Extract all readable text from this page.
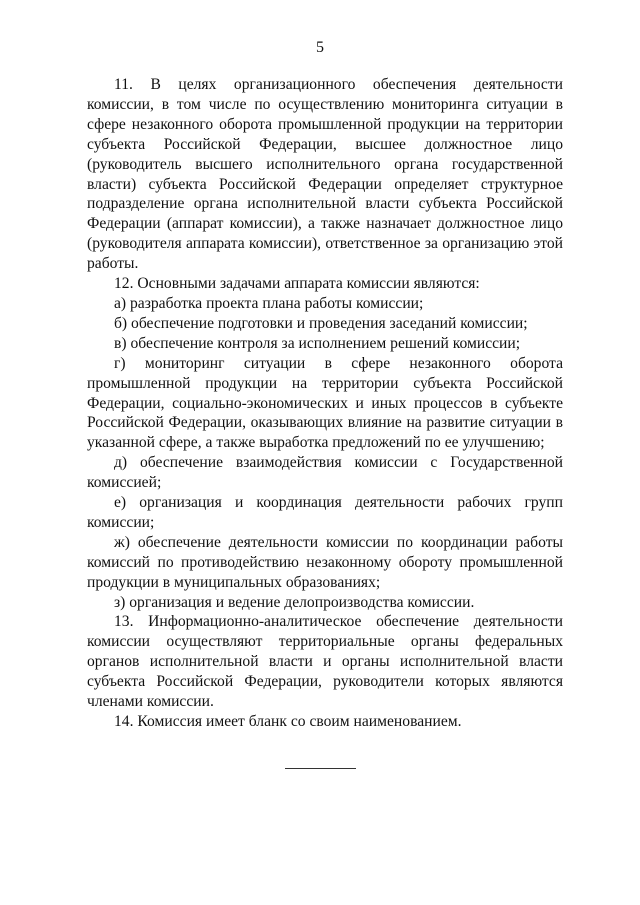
5

11. В целях организационного обеспечения деятельности комиссии, в том числе по осуществлению мониторинга ситуации в сфере незаконного оборота промышленной продукции на территории субъекта Российской Федерации, высшее должностное лицо (руководитель высшего исполнительного органа государственной власти) субъекта Российской Федерации определяет структурное подразделение органа исполнительной власти субъекта Российской Федерации (аппарат комиссии), а также назначает должностное лицо (руководителя аппарата комиссии), ответственное за организацию этой работы.

12. Основными задачами аппарата комиссии являются:

а) разработка проекта плана работы комиссии;

б) обеспечение подготовки и проведения заседаний комиссии;

в) обеспечение контроля за исполнением решений комиссии;

г) мониторинг ситуации в сфере незаконного оборота промышленной продукции на территории субъекта Российской Федерации, социально-экономических и иных процессов в субъекте Российской Федерации, оказывающих влияние на развитие ситуации в указанной сфере, а также выработка предложений по ее улучшению;

д) обеспечение взаимодействия комиссии с Государственной комиссией;

е) организация и координация деятельности рабочих групп комиссии;

ж) обеспечение деятельности комиссии по координации работы комиссий по противодействию незаконному обороту промышленной продукции в муниципальных образованиях;

з) организация и ведение делопроизводства комиссии.

13. Информационно-аналитическое обеспечение деятельности комиссии осуществляют территориальные органы федеральных органов исполнительной власти и органы исполнительной власти субъекта Российской Федерации, руководители которых являются членами комиссии.

14. Комиссия имеет бланк со своим наименованием.
